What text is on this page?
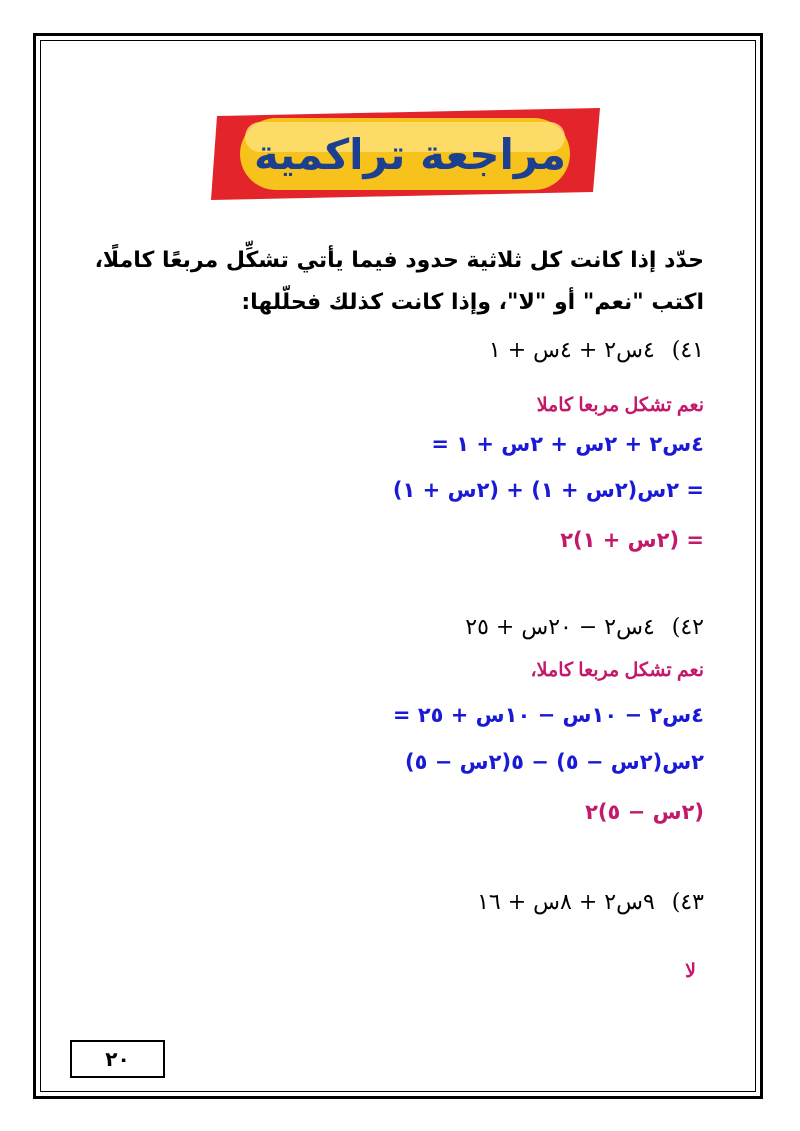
مراجعة تراكمية
حدّد إذا كانت كل ثلاثية حدود فيما يأتي تشكِّل مربعًا كاملًا،
اكتب "نعم" أو "لا"، وإذا كانت كذلك فحلّلها:
٤١) ٤س٢ + ٤س + ١
نعم تشكل مربعا كاملا
٤س٢ + ٢س + ٢س + ١ =
= ٢س(٢س + ١) + (٢س + ١)
= (٢س + ١)٢
٤٢) ٤س٢ − ٢٠س + ٢٥
نعم تشكل مربعا كاملا،
٤س٢ − ١٠س − ١٠س + ٢٥ =
٢س(٢س − ٥) − ٥(٢س − ٥)
(٢س − ٥)٢
٤٣) ٩س٢ + ٨س + ١٦
لا
٢٠
